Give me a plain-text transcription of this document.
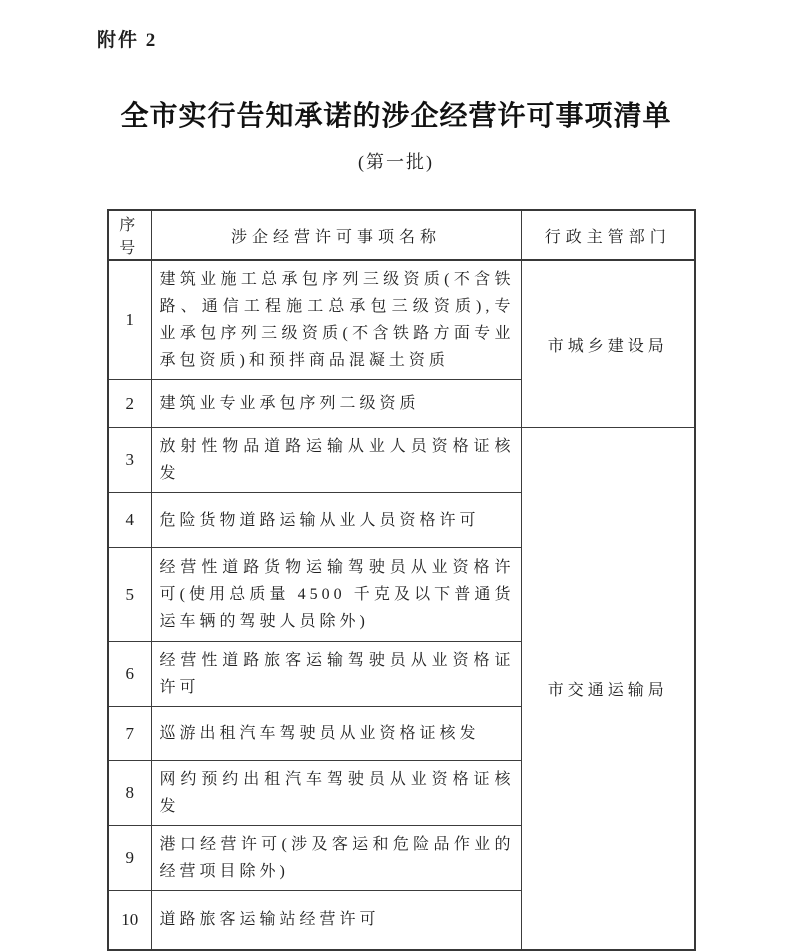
附件 2
全市实行告知承诺的涉企经营许可事项清单
(第一批)
序号	涉企经营许可事项名称	行政主管部门
1	建筑业施工总承包序列三级资质(不含铁路、通信工程施工总承包三级资质),专业承包序列三级资质(不含铁路方面专业承包资质)和预拌商品混凝土资质	市城乡建设局
2	建筑业专业承包序列二级资质	
3	放射性物品道路运输从业人员资格证核发	市交通运输局
4	危险货物道路运输从业人员资格许可	
5	经营性道路货物运输驾驶员从业资格许可(使用总质量 4500 千克及以下普通货运车辆的驾驶人员除外)	
6	经营性道路旅客运输驾驶员从业资格证许可	
7	巡游出租汽车驾驶员从业资格证核发	
8	网约预约出租汽车驾驶员从业资格证核发	
9	港口经营许可(涉及客运和危险品作业的经营项目除外)	
10	道路旅客运输站经营许可	
